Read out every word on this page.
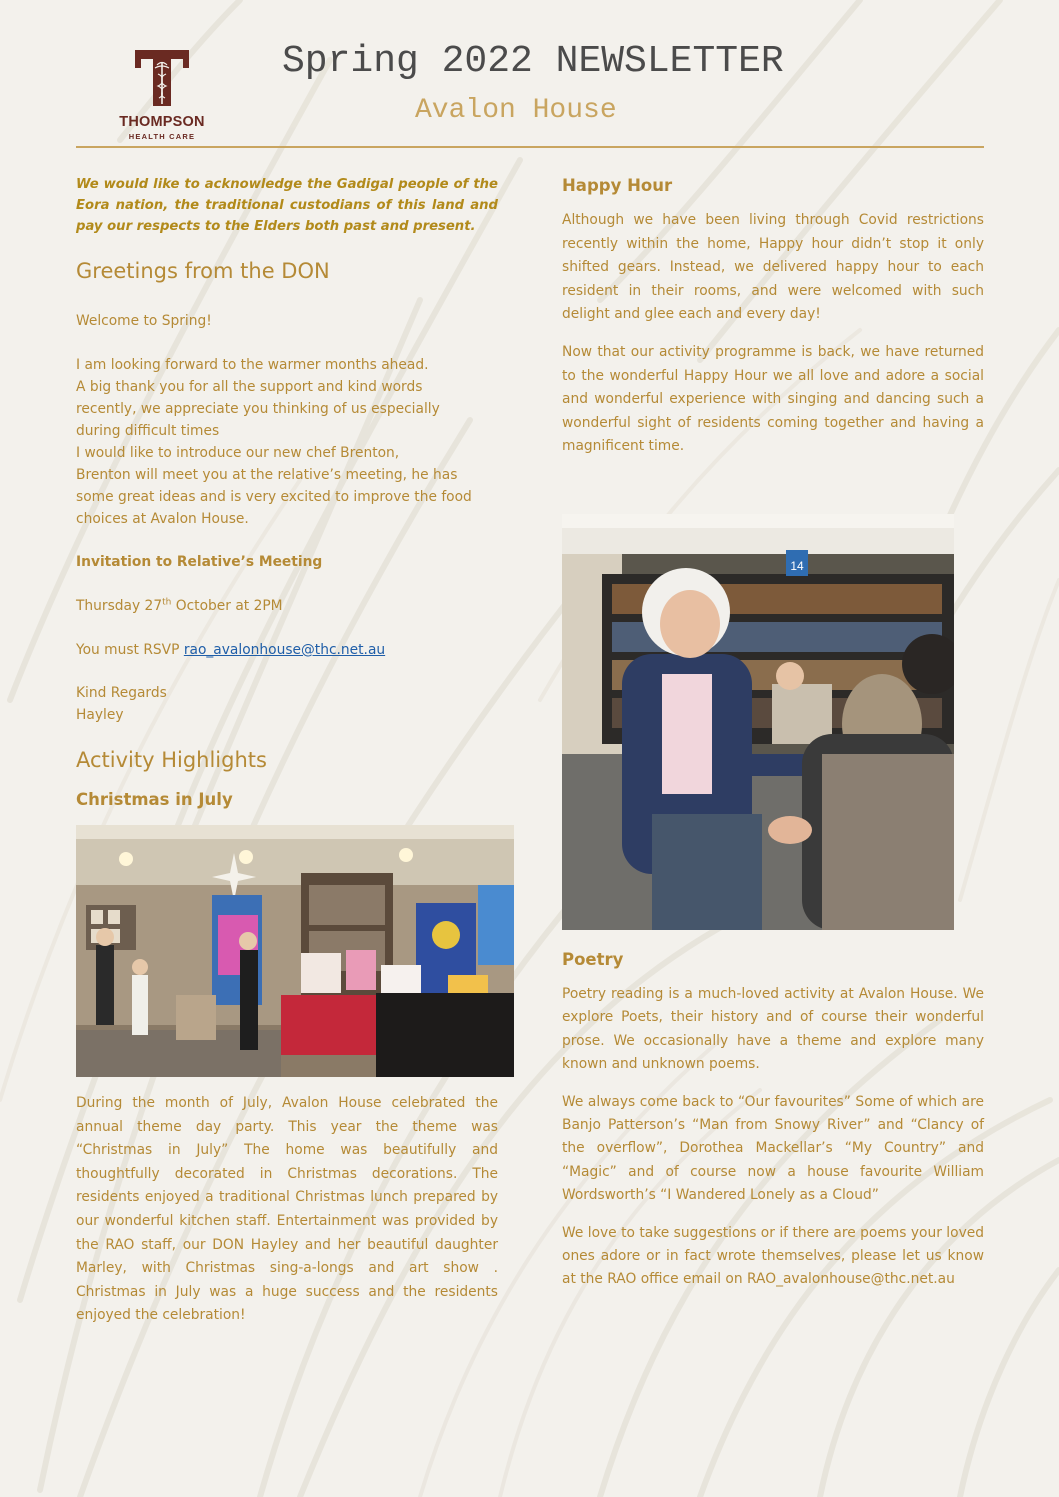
THOMPSON
HEALTH CARE
Spring 2022 NEWSLETTER
Avalon House

We would like to acknowledge the Gadigal people of the Eora nation, the traditional custodians of this land and pay our respects to the Elders both past and present.

Greetings from the DON

Welcome to Spring!

I am looking forward to the warmer months ahead.
A big thank you for all the support and kind words
recently, we appreciate you thinking of us especially
during difficult times
I would like to introduce our new chef Brenton,
Brenton will meet you at the relative’s meeting, he has
some great ideas and is very excited to improve the food
choices at Avalon House.

Invitation to Relative’s Meeting

Thursday 27th October at 2PM

You must RSVP rao_avalonhouse@thc.net.au

Kind Regards

Hayley

Activity Highlights
Christmas in July

During the month of July, Avalon House celebrated the annual theme day party. This year the theme was “Christmas in July” The home was beautifully and thoughtfully decorated in Christmas decorations. The residents enjoyed a traditional Christmas lunch prepared by our wonderful kitchen staff. Entertainment was provided by the RAO staff, our DON Hayley and her beautiful daughter Marley, with Christmas sing-a-longs and art show . Christmas in July was a huge success and the residents enjoyed the celebration!

Happy Hour

Although we have been living through Covid restrictions recently within the home, Happy hour didn’t stop it only shifted gears. Instead, we delivered happy hour to each resident in their rooms, and were welcomed with such delight and glee each and every day!

Now that our activity programme is back, we have returned to the wonderful Happy Hour we all love and adore a social and wonderful experience with singing and dancing such a wonderful sight of residents coming together and having a magnificent time.

14
Poetry

Poetry reading is a much-loved activity at Avalon House. We explore Poets, their history and of course their wonderful prose. We occasionally have a theme and explore many known and unknown poems.

We always come back to “Our favourites” Some of which are Banjo Patterson’s “Man from Snowy River” and “Clancy of the overflow”, Dorothea Mackellar’s “My Country” and “Magic” and of course now a house favourite William Wordsworth’s “I Wandered Lonely as a Cloud”

We love to take suggestions or if there are poems your loved ones adore or in fact wrote themselves, please let us know at the RAO office email on RAO_avalonhouse@thc.net.au
